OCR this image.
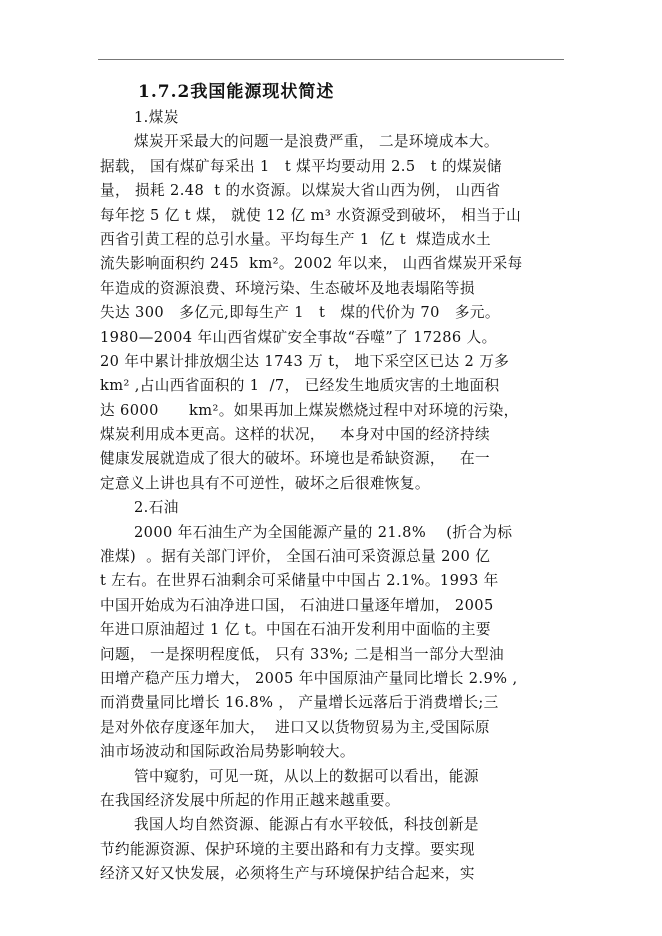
1.7.2我国能源现状简述
1.煤炭
煤炭开采最大的问题一是浪费严重， 二是环境成本大。
据载， 国有煤矿每采出 1   t 煤平均要动用 2.5   t 的煤炭储
量， 损耗 2.48  t 的水资源。以煤炭大省山西为例， 山西省
每年挖 5 亿 t 煤， 就使 12 亿 m³ 水资源受到破坏， 相当于山
西省引黄工程的总引水量。平均每生产 1  亿 t  煤造成水土
流失影响面积约 245  km²。2002 年以来， 山西省煤炭开采每
年造成的资源浪费、环境污染、生态破坏及地表塌陷等损
失达 300   多亿元,即每生产 1   t   煤的代价为 70   多元。
1980—2004 年山西省煤矿安全事故“吞噬”了 17286 人。
20 年中累计排放烟尘达 1743 万 t， 地下采空区已达 2 万多
km² ,占山西省面积的 1  /7， 已经发生地质灾害的土地面积
达 6000      km²。如果再加上煤炭燃烧过程中对环境的污染，
煤炭利用成本更高。这样的状况，   本身对中国的经济持续
健康发展就造成了很大的破坏。环境也是希缺资源，   在一
定意义上讲也具有不可逆性，破坏之后很难恢复。
2.石油
2000 年石油生产为全国能源产量的 21.8%    (折合为标
准煤)  。据有关部门评价， 全国石油可采资源总量 200 亿
t 左右。在世界石油剩余可采储量中中国占 2.1%。1993 年
中国开始成为石油净进口国， 石油进口量逐年增加， 2005
年进口原油超过 1 亿 t。中国在石油开发利用中面临的主要
问题， 一是探明程度低， 只有 33%; 二是相当一部分大型油
田增产稳产压力增大， 2005 年中国原油产量同比增长 2.9% ,
而消费量同比增长 16.8% ， 产量增长远落后于消费增长;三
是对外依存度逐年加大，  进口又以货物贸易为主,受国际原
油市场波动和国际政治局势影响较大。
管中窥豹，可见一斑，从以上的数据可以看出，能源
在我国经济发展中所起的作用正越来越重要。
我国人均自然资源、能源占有水平较低，科技创新是
节约能源资源、保护环境的主要出路和有力支撑。要实现
经济又好又快发展，必须将生产与环境保护结合起来，实
